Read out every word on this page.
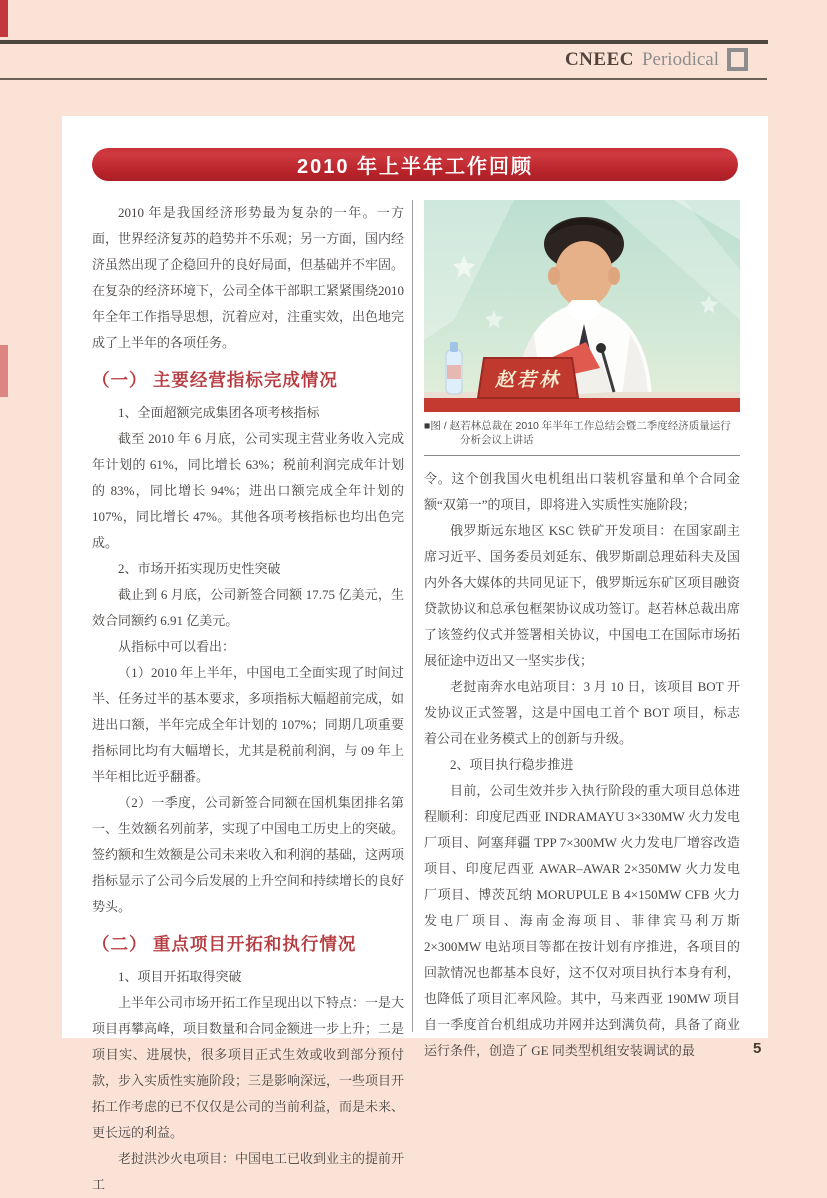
CNEEC Periodical
2010 年上半年工作回顾

2010 年是我国经济形势最为复杂的一年。一方面，世界经济复苏的趋势并不乐观；另一方面，国内经济虽然出现了企稳回升的良好局面，但基础并不牢固。在复杂的经济环境下，公司全体干部职工紧紧围绕2010 年全年工作指导思想，沉着应对，注重实效，出色地完成了上半年的各项任务。

（一） 主要经营指标完成情况

1、全面超额完成集团各项考核指标

截至 2010 年 6 月底，公司实现主营业务收入完成年计划的 61%，同比增长 63%；税前利润完成年计划的 83%，同比增长 94%；进出口额完成全年计划的 107%，同比增长 47%。其他各项考核指标也均出色完成。

2、市场开拓实现历史性突破

截止到 6 月底，公司新签合同额 17.75 亿美元，生效合同额约 6.91 亿美元。

从指标中可以看出：

（1）2010 年上半年，中国电工全面实现了时间过半、任务过半的基本要求，多项指标大幅超前完成，如进出口额，半年完成全年计划的 107%；同期几项重要指标同比均有大幅增长，尤其是税前利润，与 09 年上半年相比近乎翻番。

（2）一季度，公司新签合同额在国机集团排名第一、生效额名列前茅，实现了中国电工历史上的突破。签约额和生效额是公司未来收入和利润的基础，这两项指标显示了公司今后发展的上升空间和持续增长的良好势头。

（二） 重点项目开拓和执行情况

1、项目开拓取得突破

上半年公司市场开拓工作呈现出以下特点：一是大项目再攀高峰，项目数量和合同金额进一步上升；二是项目实、进展快，很多项目正式生效或收到部分预付款，步入实质性实施阶段；三是影响深远，一些项目开拓工作考虑的已不仅仅是公司的当前利益，而是未来、更长远的利益。

老挝洪沙火电项目：中国电工已收到业主的提前开工

赵若林

■图 / 赵若林总裁在 2010 年半年工作总结会暨二季度经济质量运行分析会议上讲话

令。这个创我国火电机组出口装机容量和单个合同金额“双第一”的项目，即将进入实质性实施阶段；

俄罗斯远东地区 KSC 铁矿开发项目：在国家副主席习近平、国务委员刘延东、俄罗斯副总理茹科夫及国内外各大媒体的共同见证下，俄罗斯远东矿区项目融资贷款协议和总承包框架协议成功签订。赵若林总裁出席了该签约仪式并签署相关协议，中国电工在国际市场拓展征途中迈出又一坚实步伐；

老挝南奔水电站项目：3 月 10 日，该项目 BOT 开发协议正式签署，这是中国电工首个 BOT 项目，标志着公司在业务模式上的创新与升级。

2、项目执行稳步推进

目前，公司生效并步入执行阶段的重大项目总体进程顺利：印度尼西亚 INDRAMAYU 3×330MW 火力发电厂项目、阿塞拜疆 TPP 7×300MW 火力发电厂增容改造项目、印度尼西亚 AWAR–AWAR 2×350MW 火力发电厂项目、博茨瓦纳 MORUPULE B 4×150MW CFB 火力发电厂项目、海南金海项目、菲律宾马利万斯 2×300MW 电站项目等都在按计划有序推进，各项目的回款情况也都基本良好，这不仅对项目执行本身有利，也降低了项目汇率风险。其中，马来西亚 190MW 项目自一季度首台机组成功并网并达到满负荷，具备了商业运行条件，创造了 GE 同类型机组安装调试的最	5
